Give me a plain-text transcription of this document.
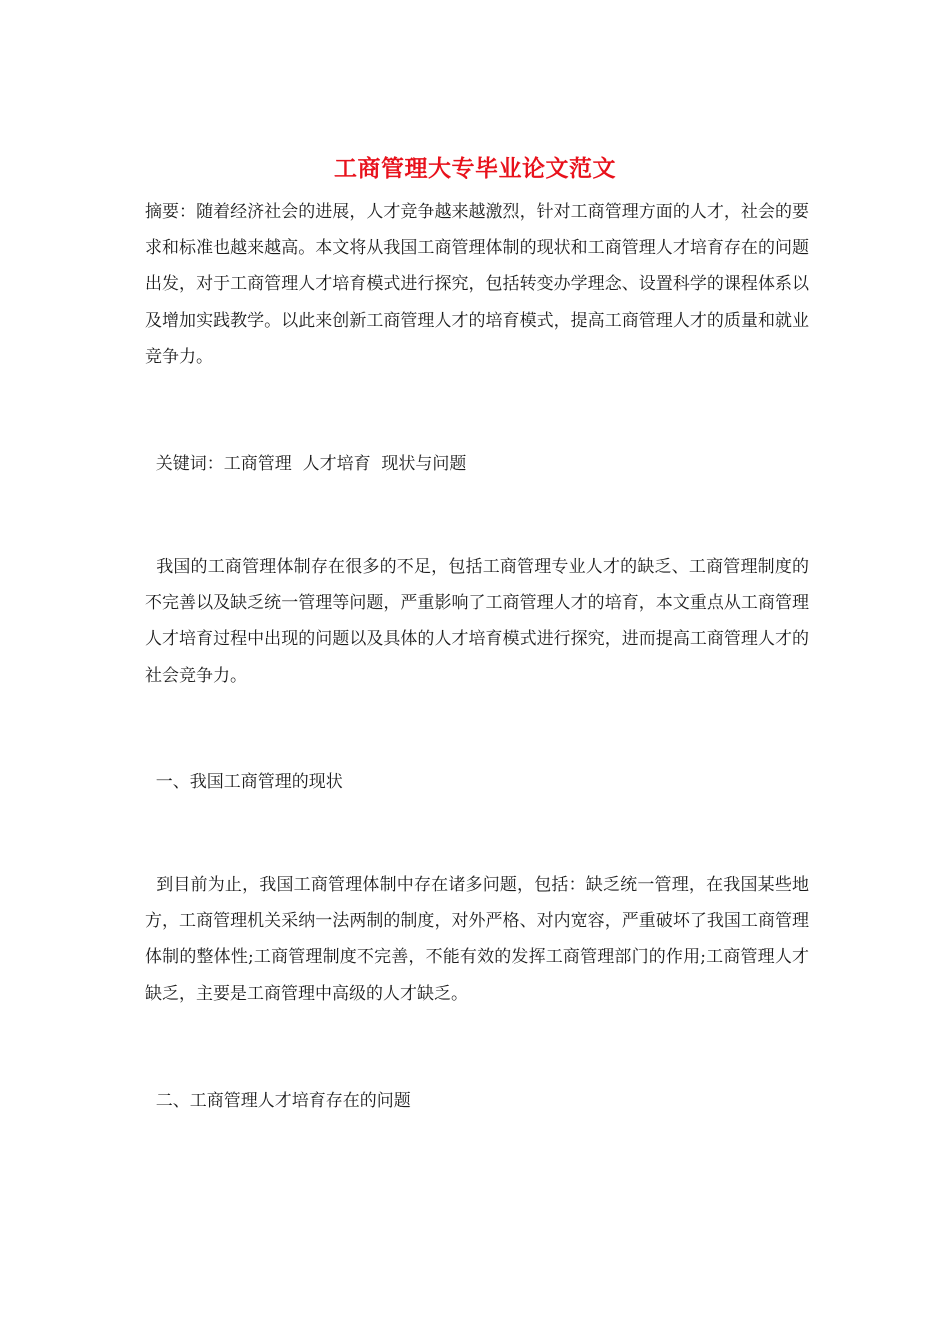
工商管理大专毕业论文范文

摘要：随着经济社会的进展，人才竞争越来越激烈，针对工商管理方面的人才，社会的要求和标准也越来越高。本文将从我国工商管理体制的现状和工商管理人才培育存在的问题出发，对于工商管理人才培育模式进行探究，包括转变办学理念、设置科学的课程体系以及增加实践教学。以此来创新工商管理人才的培育模式，提高工商管理人才的质量和就业竞争力。

关键词：工商管理  人才培育  现状与问题

我国的工商管理体制存在很多的不足，包括工商管理专业人才的缺乏、工商管理制度的不完善以及缺乏统一管理等问题，严重影响了工商管理人才的培育，本文重点从工商管理人才培育过程中出现的问题以及具体的人才培育模式进行探究，进而提高工商管理人才的社会竞争力。

一、我国工商管理的现状

到目前为止，我国工商管理体制中存在诸多问题，包括：缺乏统一管理，在我国某些地方，工商管理机关采纳一法两制的制度，对外严格、对内宽容，严重破坏了我国工商管理体制的整体性;工商管理制度不完善，不能有效的发挥工商管理部门的作用;工商管理人才缺乏，主要是工商管理中高级的人才缺乏。

二、工商管理人才培育存在的问题
